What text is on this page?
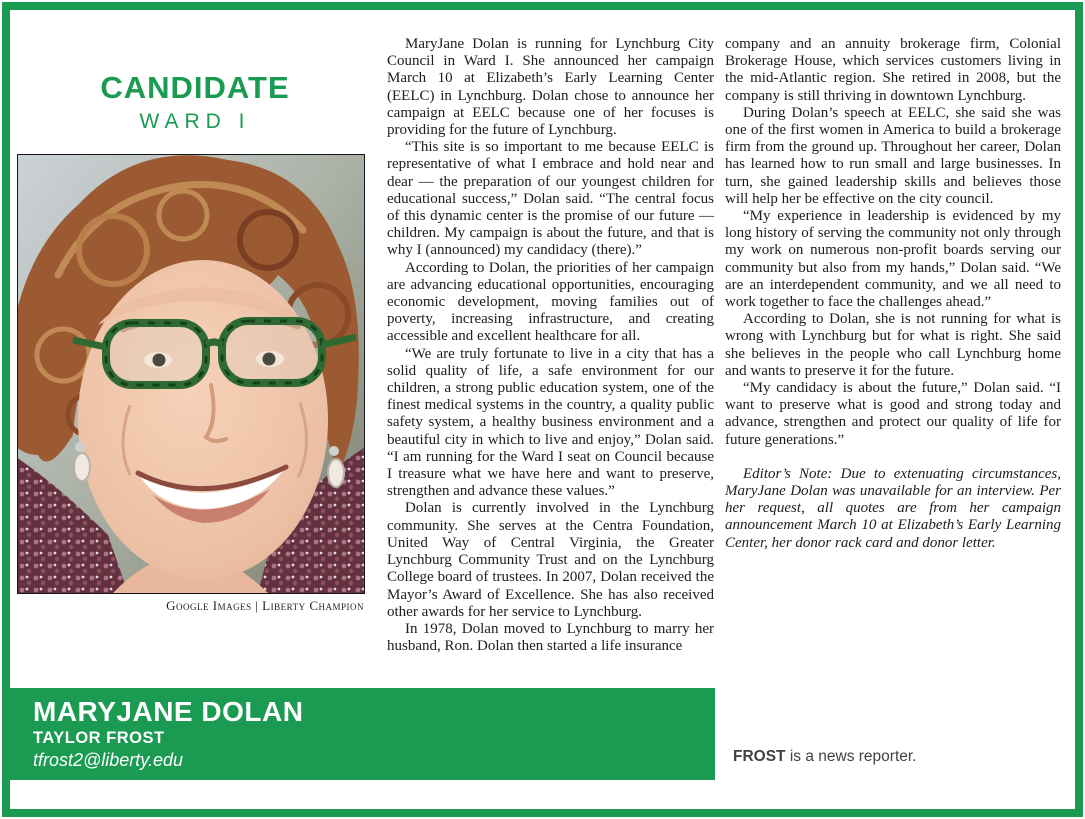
CANDIDATE
WARD I
Google Images | Liberty Champion

MaryJane Dolan is running for Lynchburg City Council in Ward I. She announced her campaign March 10 at Elizabeth’s Early Learning Center (EELC) in Lynchburg. Dolan chose to announce her campaign at EELC because one of her focuses is providing for the future of Lynchburg.

“This site is so important to me because EELC is representative of what I embrace and hold near and dear — the preparation of our youngest children for educational success,” Dolan said. “The central focus of this dynamic center is the promise of our future — children. My campaign is about the future, and that is why I (announced) my candidacy (there).”

According to Dolan, the priorities of her campaign are advancing educational opportunities, encouraging economic development, moving families out of poverty, increasing infrastructure, and creating accessible and excellent healthcare for all.

“We are truly fortunate to live in a city that has a solid quality of life, a safe environment for our children, a strong public education system, one of the finest medical systems in the country, a quality public safety system, a healthy business environment and a beautiful city in which to live and enjoy,” Dolan said. “I am running for the Ward I seat on Council because I treasure what we have here and want to preserve, strengthen and advance these values.”

Dolan is currently involved in the Lynchburg community. She serves at the Centra Foundation, United Way of Central Virginia, the Greater Lynchburg Community Trust and on the Lynchburg College board of trustees. In 2007, Dolan received the Mayor’s Award of Excellence. She has also received other awards for her service to Lynchburg.

In 1978, Dolan moved to Lynchburg to marry her husband, Ron. Dolan then started a life insurance

company and an annuity brokerage firm, Colonial Brokerage House, which services customers living in the mid-Atlantic region. She retired in 2008, but the company is still thriving in downtown Lynchburg.

During Dolan’s speech at EELC, she said she was one of the first women in America to build a brokerage firm from the ground up. Throughout her career, Dolan has learned how to run small and large businesses. In turn, she gained leadership skills and believes those will help her be effective on the city council.

“My experience in leadership is evidenced by my long history of serving the community not only through my work on numerous non-profit boards serving our community but also from my hands,” Dolan said. “We are an interdependent community, and we all need to work together to face the challenges ahead.”

According to Dolan, she is not running for what is wrong with Lynchburg but for what is right. She said she believes in the people who call Lynchburg home and wants to preserve it for the future.

“My candidacy is about the future,” Dolan said. “I want to preserve what is good and strong today and advance, strengthen and protect our quality of life for future generations.”

Editor’s Note: Due to extenuating circumstances, MaryJane Dolan was unavailable for an interview. Per her request, all quotes are from her campaign announcement March 10 at Elizabeth’s Early Learning Center, her donor rack card and donor letter.

MARYJANE DOLAN
TAYLOR FROST
tfrost2@liberty.edu	FROST is a news reporter.
